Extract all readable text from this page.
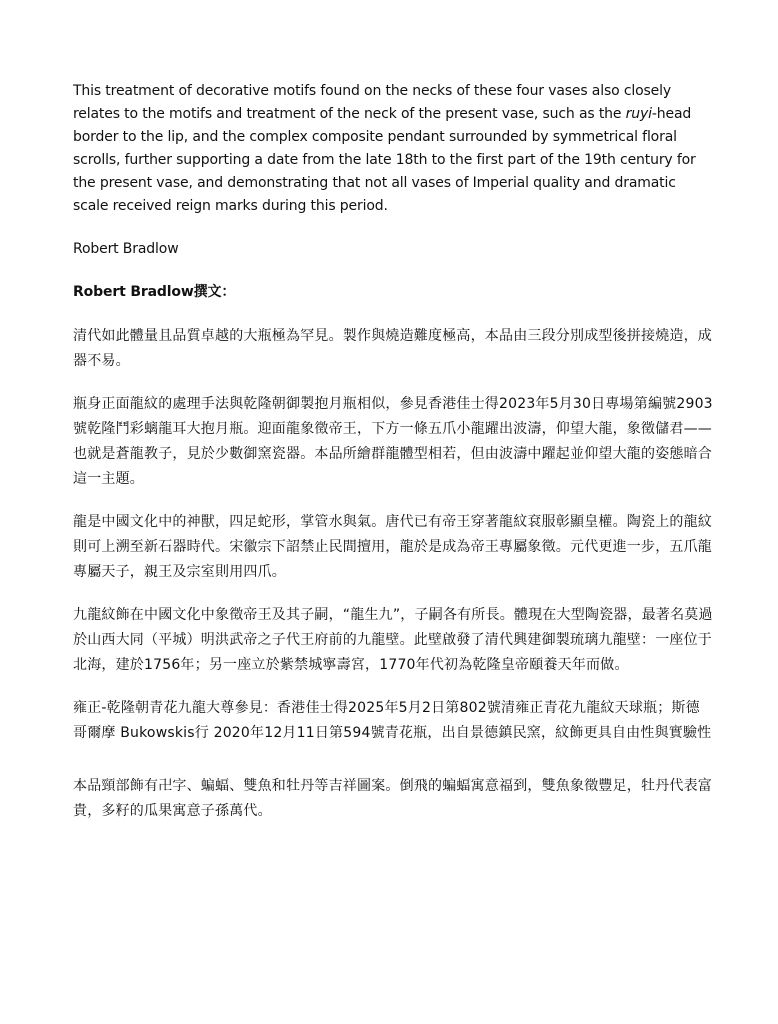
This treatment of decorative motifs found on the necks of these four vases also closely relates to the motifs and treatment of the neck of the present vase, such as the ruyi-head border to the lip, and the complex composite pendant surrounded by symmetrical floral scrolls, further supporting a date from the late 18th to the first part of the 19th century for the present vase, and demonstrating that not all vases of Imperial quality and dramatic scale received reign marks during this period.

Robert Bradlow

Robert Bradlow撰文：

清代如此體量且品質卓越的大瓶極為罕見。製作與燒造難度極高，本品由三段分別成型後拼接燒造，成器不易。

瓶身正面龍紋的處理手法與乾隆朝御製抱月瓶相似，參見香港佳士得2023年5月30日專場第編號2903號乾隆鬥彩螭龍耳大抱月瓶。迎面龍象徵帝王，下方一條五爪小龍躍出波濤，仰望大龍，象徵儲君——也就是蒼龍教子，見於少數御窯瓷器。本品所繪群龍體型相若，但由波濤中躍起並仰望大龍的姿態暗合這一主題。

龍是中國文化中的神獸，四足蛇形，掌管水與氣。唐代已有帝王穿著龍紋袞服彰顯皇權。陶瓷上的龍紋則可上溯至新石器時代。宋徽宗下詔禁止民間擅用，龍於是成為帝王專屬象徵。元代更進一步，五爪龍專屬天子，親王及宗室則用四爪。

九龍紋飾在中國文化中象徵帝王及其子嗣，“龍生九”，子嗣各有所長。體現在大型陶瓷器，最著名莫過於山西大同（平城）明洪武帝之子代王府前的九龍壁。此壁啟發了清代興建御製琉璃九龍壁：一座位于北海，建於1756年；另一座立於紫禁城寧壽宮，1770年代初為乾隆皇帝頤養天年而做。

雍正-乾隆朝青花九龍大尊參見：香港佳士得2025年5月2日第802號清雍正青花九龍紋天球瓶；斯德哥爾摩 Bukowskis行 2020年12月11日第594號青花瓶，出自景德鎮民窯，紋飾更具自由性與實驗性

本品頸部飾有卍字、蝙蝠、雙魚和牡丹等吉祥圖案。倒飛的蝙蝠寓意福到，雙魚象徵豐足，牡丹代表富貴，多籽的瓜果寓意子孫萬代。
